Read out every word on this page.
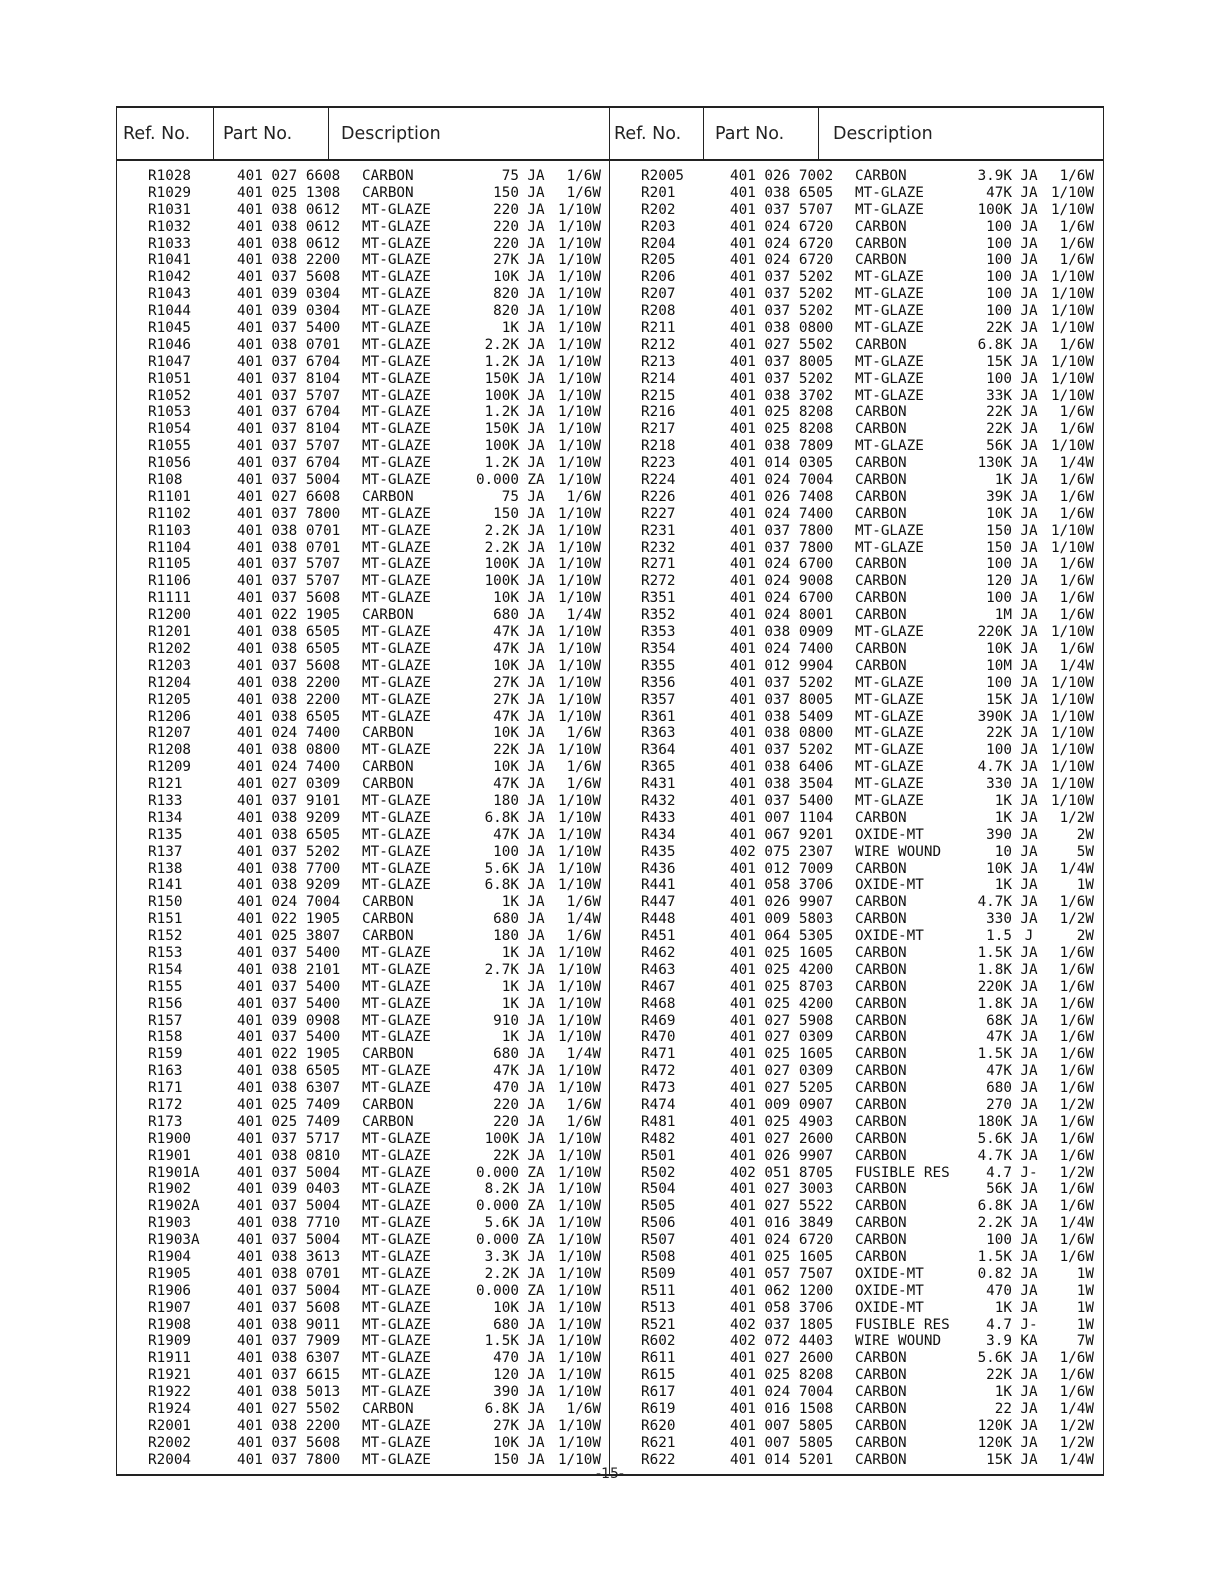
Ref. No. Part No.	Description	Ref. No. Part No.	Description
R1028	401 027 6608 CARBON	75 JA 1/6W
R1029	401 025 1308 CARBON	150 JA 1/6W
R1031	401 038 0612 MT-GLAZE	220 JA 1/10W
R1032	401 038 0612 MT-GLAZE	220 JA 1/10W
R1033	401 038 0612 MT-GLAZE	220 JA 1/10W
R1041	401 038 2200 MT-GLAZE	27K JA 1/10W
R1042	401 037 5608 MT-GLAZE	10K JA 1/10W
R1043	401 039 0304 MT-GLAZE	820 JA 1/10W
R1044	401 039 0304 MT-GLAZE	820 JA 1/10W
R1045	401 037 5400 MT-GLAZE	1K JA 1/10W
R1046	401 038 0701 MT-GLAZE	2.2K JA 1/10W
R1047	401 037 6704 MT-GLAZE	1.2K JA 1/10W
R1051	401 037 8104 MT-GLAZE	150K JA 1/10W
R1052	401 037 5707 MT-GLAZE	100K JA 1/10W
R1053	401 037 6704 MT-GLAZE	1.2K JA 1/10W
R1054	401 037 8104 MT-GLAZE	150K JA 1/10W
R1055	401 037 5707 MT-GLAZE	100K JA 1/10W
R1056	401 037 6704 MT-GLAZE	1.2K JA 1/10W
R108	401 037 5004 MT-GLAZE	0.000 ZA 1/10W
R1101	401 027 6608 CARBON	75 JA 1/6W
R1102	401 037 7800 MT-GLAZE	150 JA 1/10W
R1103	401 038 0701 MT-GLAZE	2.2K JA 1/10W
R1104	401 038 0701 MT-GLAZE	2.2K JA 1/10W
R1105	401 037 5707 MT-GLAZE	100K JA 1/10W
R1106	401 037 5707 MT-GLAZE	100K JA 1/10W
R1111	401 037 5608 MT-GLAZE	10K JA 1/10W
R1200	401 022 1905 CARBON	680 JA 1/4W
R1201	401 038 6505 MT-GLAZE	47K JA 1/10W
R1202	401 038 6505 MT-GLAZE	47K JA 1/10W
R1203	401 037 5608 MT-GLAZE	10K JA 1/10W
R1204	401 038 2200 MT-GLAZE	27K JA 1/10W
R1205	401 038 2200 MT-GLAZE	27K JA 1/10W
R1206	401 038 6505 MT-GLAZE	47K JA 1/10W
R1207	401 024 7400 CARBON	10K JA 1/6W
R1208	401 038 0800 MT-GLAZE	22K JA 1/10W
R1209	401 024 7400 CARBON	10K JA 1/6W
R121	401 027 0309 CARBON	47K JA 1/6W
R133	401 037 9101 MT-GLAZE	180 JA 1/10W
R134	401 038 9209 MT-GLAZE	6.8K JA 1/10W
R135	401 038 6505 MT-GLAZE	47K JA 1/10W
R137	401 037 5202 MT-GLAZE	100 JA 1/10W
R138	401 038 7700 MT-GLAZE	5.6K JA 1/10W
R141	401 038 9209 MT-GLAZE	6.8K JA 1/10W
R150	401 024 7004 CARBON	1K JA 1/6W
R151	401 022 1905 CARBON	680 JA 1/4W
R152	401 025 3807 CARBON	180 JA 1/6W
R153	401 037 5400 MT-GLAZE	1K JA 1/10W
R154	401 038 2101 MT-GLAZE	2.7K JA 1/10W
R155	401 037 5400 MT-GLAZE	1K JA 1/10W
R156	401 037 5400 MT-GLAZE	1K JA 1/10W
R157	401 039 0908 MT-GLAZE	910 JA 1/10W
R158	401 037 5400 MT-GLAZE	1K JA 1/10W
R159	401 022 1905 CARBON	680 JA 1/4W
R163	401 038 6505 MT-GLAZE	47K JA 1/10W
R171	401 038 6307 MT-GLAZE	470 JA 1/10W
R172	401 025 7409 CARBON	220 JA 1/6W
R173	401 025 7409 CARBON	220 JA 1/6W
R1900	401 037 5717 MT-GLAZE	100K JA 1/10W
R1901	401 038 0810 MT-GLAZE	22K JA 1/10W
R1901A	401 037 5004 MT-GLAZE	0.000 ZA 1/10W
R1902	401 039 0403 MT-GLAZE	8.2K JA 1/10W
R1902A	401 037 5004 MT-GLAZE	0.000 ZA 1/10W
R1903	401 038 7710 MT-GLAZE	5.6K JA 1/10W
R1903A	401 037 5004 MT-GLAZE	0.000 ZA 1/10W
R1904	401 038 3613 MT-GLAZE	3.3K JA 1/10W
R1905	401 038 0701 MT-GLAZE	2.2K JA 1/10W
R1906	401 037 5004 MT-GLAZE	0.000 ZA 1/10W
R1907	401 037 5608 MT-GLAZE	10K JA 1/10W
R1908	401 038 9011 MT-GLAZE	680 JA 1/10W
R1909	401 037 7909 MT-GLAZE	1.5K JA 1/10W
R1911	401 038 6307 MT-GLAZE	470 JA 1/10W
R1921	401 037 6615 MT-GLAZE	120 JA 1/10W
R1922	401 038 5013 MT-GLAZE	390 JA 1/10W
R1924	401 027 5502 CARBON	6.8K JA 1/6W
R2001	401 038 2200 MT-GLAZE	27K JA 1/10W
R2002	401 037 5608 MT-GLAZE	10K JA 1/10W
R2004	401 037 7800 MT-GLAZE	150 JA 1/10W
R2005	401 026 7002 CARBON	3.9K JA 1/6W
R201	401 038 6505 MT-GLAZE	47K JA 1/10W
R202	401 037 5707 MT-GLAZE	100K JA 1/10W
R203	401 024 6720 CARBON	100 JA 1/6W
R204	401 024 6720 CARBON	100 JA 1/6W
R205	401 024 6720 CARBON	100 JA 1/6W
R206	401 037 5202 MT-GLAZE	100 JA 1/10W
R207	401 037 5202 MT-GLAZE	100 JA 1/10W
R208	401 037 5202 MT-GLAZE	100 JA 1/10W
R211	401 038 0800 MT-GLAZE	22K JA 1/10W
R212	401 027 5502 CARBON	6.8K JA 1/6W
R213	401 037 8005 MT-GLAZE	15K JA 1/10W
R214	401 037 5202 MT-GLAZE	100 JA 1/10W
R215	401 038 3702 MT-GLAZE	33K JA 1/10W
R216	401 025 8208 CARBON	22K JA 1/6W
R217	401 025 8208 CARBON	22K JA 1/6W
R218	401 038 7809 MT-GLAZE	56K JA 1/10W
R223	401 014 0305 CARBON	130K JA 1/4W
R224	401 024 7004 CARBON	1K JA 1/6W
R226	401 026 7408 CARBON	39K JA 1/6W
R227	401 024 7400 CARBON	10K JA 1/6W
R231	401 037 7800 MT-GLAZE	150 JA 1/10W
R232	401 037 7800 MT-GLAZE	150 JA 1/10W
R271	401 024 6700 CARBON	100 JA 1/6W
R272	401 024 9008 CARBON	120 JA 1/6W
R351	401 024 6700 CARBON	100 JA 1/6W
R352	401 024 8001 CARBON	1M JA 1/6W
R353	401 038 0909 MT-GLAZE	220K JA 1/10W
R354	401 024 7400 CARBON	10K JA 1/6W
R355	401 012 9904 CARBON	10M JA 1/4W
R356	401 037 5202 MT-GLAZE	100 JA 1/10W
R357	401 037 8005 MT-GLAZE	15K JA 1/10W
R361	401 038 5409 MT-GLAZE	390K JA 1/10W
R363	401 038 0800 MT-GLAZE	22K JA 1/10W
R364	401 037 5202 MT-GLAZE	100 JA 1/10W
R365	401 038 6406 MT-GLAZE	4.7K JA 1/10W
R431	401 038 3504 MT-GLAZE	330 JA 1/10W
R432	401 037 5400 MT-GLAZE	1K JA 1/10W
R433	401 007 1104 CARBON	1K JA 1/2W
R434	401 067 9201 OXIDE-MT	390 JA	2W
R435	402 075 2307 WIRE WOUND	10 JA	5W
R436	401 012 7009 CARBON	10K JA 1/4W
R441	401 058 3706 OXIDE-MT	1K JA	1W
R447	401 026 9907 CARBON	4.7K JA 1/6W
R448	401 009 5803 CARBON	330 JA 1/2W
R451	401 064 5305 OXIDE-MT	1.5 J	2W
R462	401 025 1605 CARBON	1.5K JA 1/6W
R463	401 025 4200 CARBON	1.8K JA 1/6W
R467	401 025 8703 CARBON	220K JA 1/6W
R468	401 025 4200 CARBON	1.8K JA 1/6W
R469	401 027 5908 CARBON	68K JA 1/6W
R470	401 027 0309 CARBON	47K JA 1/6W
R471	401 025 1605 CARBON	1.5K JA 1/6W
R472	401 027 0309 CARBON	47K JA 1/6W
R473	401 027 5205 CARBON	680 JA 1/6W
R474	401 009 0907 CARBON	270 JA 1/2W
R481	401 025 4903 CARBON	180K JA 1/6W
R482	401 027 2600 CARBON	5.6K JA 1/6W
R501	401 026 9907 CARBON	4.7K JA 1/6W
R502	402 051 8705 FUSIBLE RES	4.7 J- 1/2W
R504	401 027 3003 CARBON	56K JA 1/6W
R505	401 027 5522 CARBON	6.8K JA 1/6W
R506	401 016 3849 CARBON	2.2K JA 1/4W
R507	401 024 6720 CARBON	100 JA 1/6W
R508	401 025 1605 CARBON	1.5K JA 1/6W
R509	401 057 7507 OXIDE-MT	0.82 JA	1W
R511	401 062 1200 OXIDE-MT	470 JA	1W
R513	401 058 3706 OXIDE-MT	1K JA	1W
R521	402 037 1805 FUSIBLE RES	4.7 J-	1W
R602	402 072 4403 WIRE WOUND	3.9 KA	7W
R611	401 027 2600 CARBON	5.6K JA 1/6W
R615	401 025 8208 CARBON	22K JA 1/6W
R617	401 024 7004 CARBON	1K JA 1/6W
R619	401 016 1508 CARBON	22 JA 1/4W
R620	401 007 5805 CARBON	120K JA 1/2W
R621	401 007 5805 CARBON	120K JA 1/2W
R622	401 014 5201 CARBON	15K JA 1/4W
-15-
